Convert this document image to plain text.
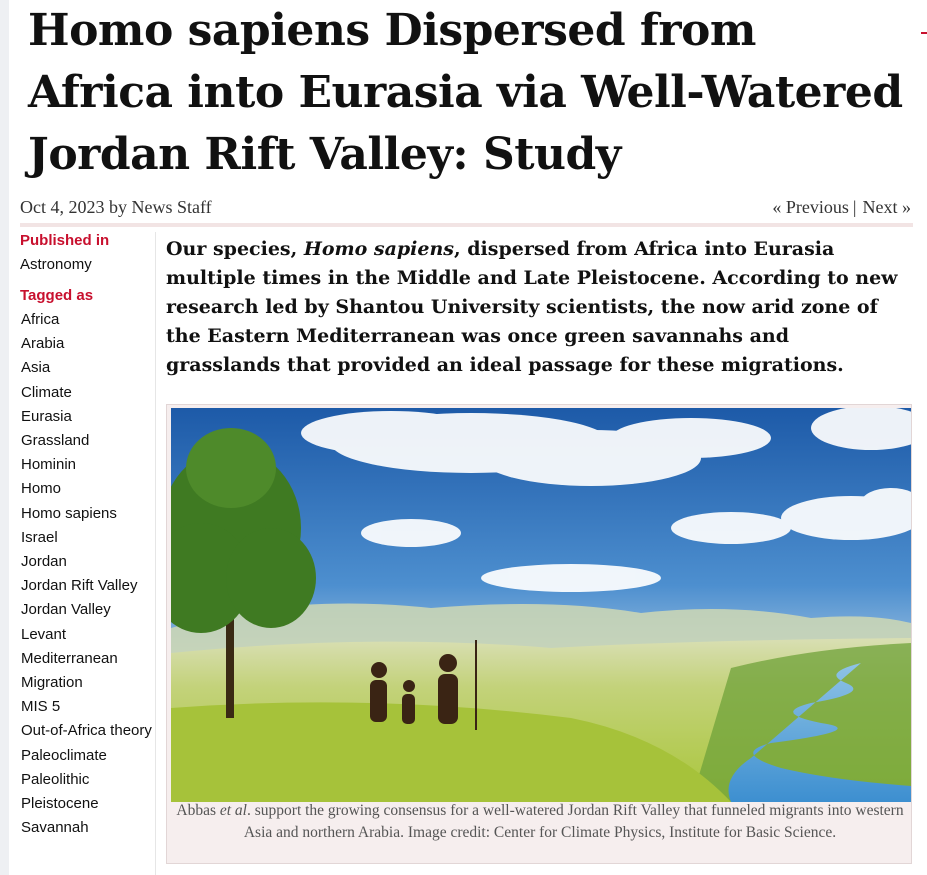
Homo sapiens Dispersed from Africa into Eurasia via Well-Watered Jordan Rift Valley: Study
Oct 4, 2023 by News Staff	« Previous | Next »

Published in

Astronomy

Tagged as

Africa
Arabia
Asia
Climate
Eurasia
Grassland
Hominin
Homo
Homo sapiens
Israel
Jordan
Jordan Rift Valley
Jordan Valley
Levant
Mediterranean
Migration
MIS 5
Out-of-Africa theory
Paleoclimate
Paleolithic
Pleistocene
Savannah

Our species, Homo sapiens, dispersed from Africa into Eurasia multiple times in the Middle and Late Pleistocene. According to new research led by Shantou University scientists, the now arid zone of the Eastern Mediterranean was once green savannahs and grasslands that provided an ideal passage for these migrations.

Abbas et al. support the growing consensus for a well-watered Jordan Rift Valley that funneled migrants into western Asia and northern Arabia. Image credit: Center for Climate Physics, Institute for Basic Science.
